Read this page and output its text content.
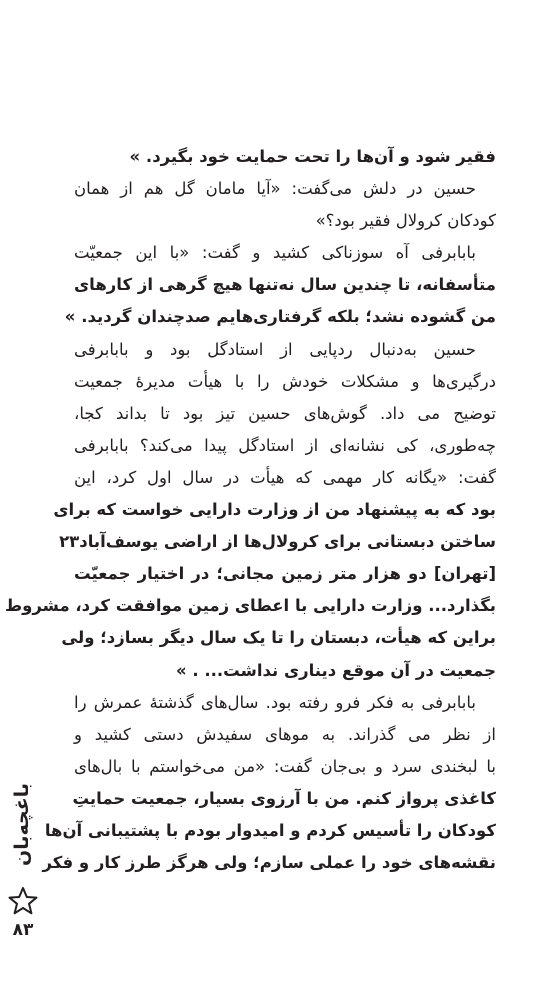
فقیر شود و آن‌ها را تحت حمایت خود بگیرد. »
حسین در دلش می‌گفت: «آیا مامان گل هم از همان
کودکان کرولال فقیر بود؟»
بابابرفی آه سوزناکی کشید و گفت: «با این جمعیّت
متأسفانه، تا چندین سال نه‌تنها هیچ گرهی از کارهای
من گشوده نشد؛ بلکه گرفتاری‌هایم صدچندان گردید. »
حسین به‌دنبال ردپایی از استادگل بود و بابابرفی
درگیری‌ها و مشکلات خودش را با هیأت مدیرهٔ جمعیت
توضیح می داد. گوش‌های حسین تیز بود تا بداند کجا،
چه‌طوری، کی نشانه‌ای از استادگل پیدا می‌کند؟ بابابرفی
گفت: «یگانه کار مهمی که هیأت در سال اول کرد، این
بود که به پیشنهاد من از وزارت دارایی خواست که برای
ساختن دبستانی برای کرولال‌ها از اراضی یوسف‌آباد۲۳
[تهران] دو هزار متر زمین مجانی؛ در اختیار جمعیّت
بگذارد... وزارت دارایی با اعطای زمین موافقت کرد، مشروط
براین که هیأت، دبستان را تا یک سال دیگر بسازد؛ ولی
جمعیت در آن موقع دیناری نداشت... . »
بابابرفی به فکر فرو رفته بود. سال‌های گذشتهٔ عمرش را
از نظر می گذراند. به موهای سفیدش دستی کشید و
با لبخندی سرد و بی‌جان گفت: «من می‌خواستم با بال‌های
کاغذی پرواز کنم. من با آرزوی بسیار، جمعیت حمایتِ
کودکان را تأسیس کردم و امیدوار بودم با پشتیبانی آن‌ها
نقشه‌های خود را عملی سازم؛ ولی هرگز طرز کار و فکر
باغچه‌بان
۸۳
